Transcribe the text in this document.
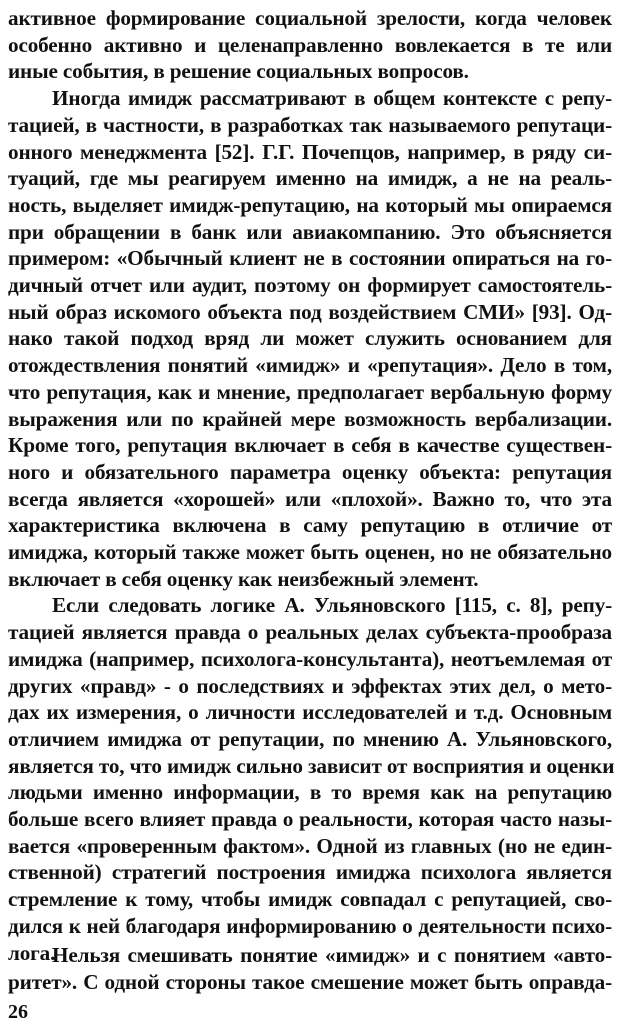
активное формирование социальной зрелости, когда человек
особенно активно и целенаправленно вовлекается в те или
иные события, в решение социальных вопросов.
Иногда имидж рассматривают в общем контексте с репу-
тацией, в частности, в разработках так называемого репутаци-
онного менеджмента [52]. Г.Г. Почепцов, например, в ряду си-
туаций, где мы реагируем именно на имидж, а не на реаль-
ность, выделяет имидж-репутацию, на который мы опираемся
при обращении в банк или авиакомпанию. Это объясняется
примером: «Обычный клиент не в состоянии опираться на го-
дичный отчет или аудит, поэтому он формирует самостоятель-
ный образ искомого объекта под воздействием СМИ» [93]. Од-
нако такой подход вряд ли может служить основанием для
отождествления понятий «имидж» и «репутация». Дело в том,
что репутация, как и мнение, предполагает вербальную форму
выражения или по крайней мере возможность вербализации.
Кроме того, репутация включает в себя в качестве существен-
ного и обязательного параметра оценку объекта: репутация
всегда является «хорошей» или «плохой». Важно то, что эта
характеристика включена в саму репутацию в отличие от
имиджа, который также может быть оценен, но не обязательно
включает в себя оценку как неизбежный элемент.
Если следовать логике А. Ульяновского [115, с. 8], репу-
тацией является правда о реальных делах субъекта-прообраза
имиджа (например, психолога-консультанта), неотъемлемая от
других «правд» - о последствиях и эффектах этих дел, о мето-
дах их измерения, о личности исследователей и т.д. Основным
отличием имиджа от репутации, по мнению А. Ульяновского,
является то, что имидж сильно зависит от восприятия и оценки
людьми именно информации, в то время как на репутацию
больше всего влияет правда о реальности, которая часто назы-
вается «проверенным фактом». Одной из главных (но не един-
ственной) стратегий построения имиджа психолога является
стремление к тому, чтобы имидж совпадал с репутацией, сво-
дился к ней благодаря информированию о деятельности психо-
лога.
Нельзя смешивать понятие «имидж» и с понятием «авто-
ритет». С одной стороны такое смешение может быть оправда-
26
